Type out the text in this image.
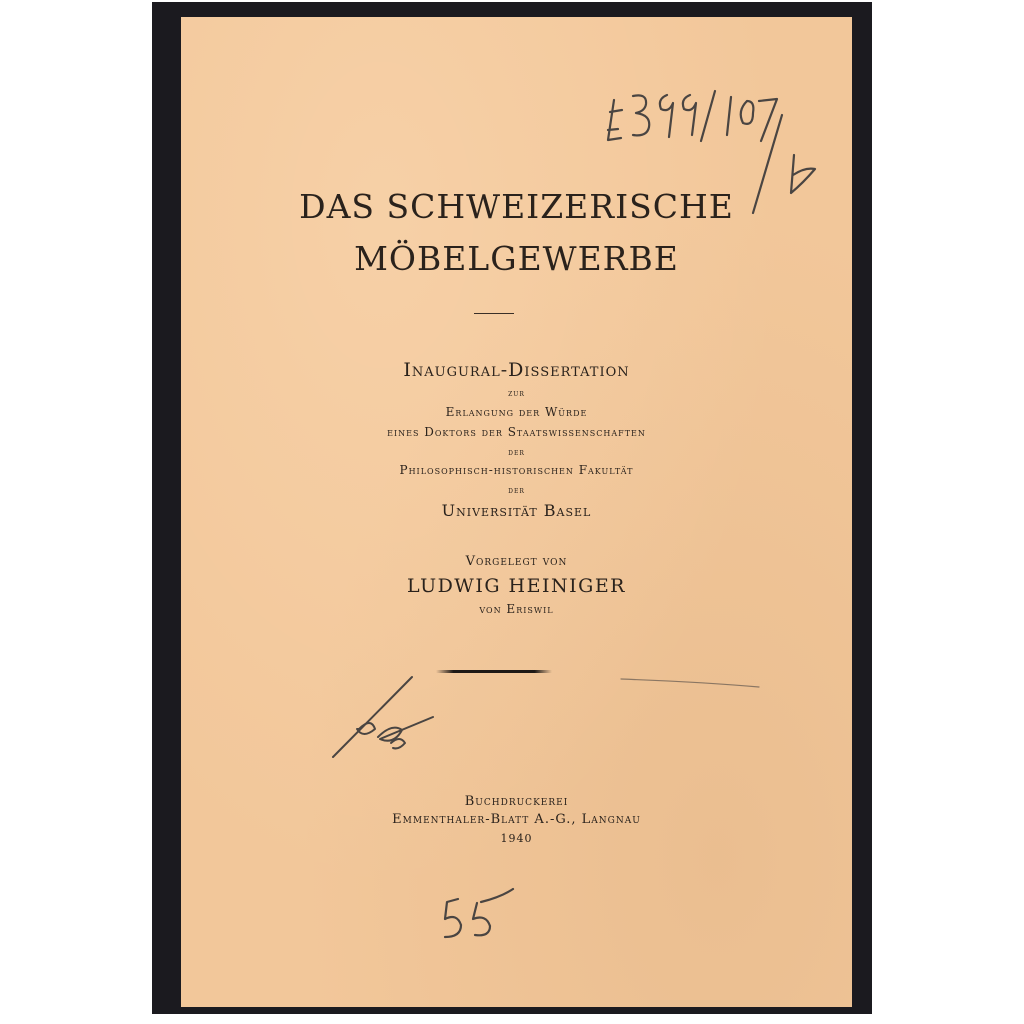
DAS SCHWEIZERISCHE
MÖBELGEWERBE
Inaugural-Dissertation
zur
Erlangung der Würde
eines Doktors der Staatswissenschaften
der
Philosophisch-historischen Fakultät
der
Universität Basel
Vorgelegt von
LUDWIG HEINIGER
von Eriswil
Buchdruckerei
Emmenthaler-Blatt A.-G., Langnau
1940
